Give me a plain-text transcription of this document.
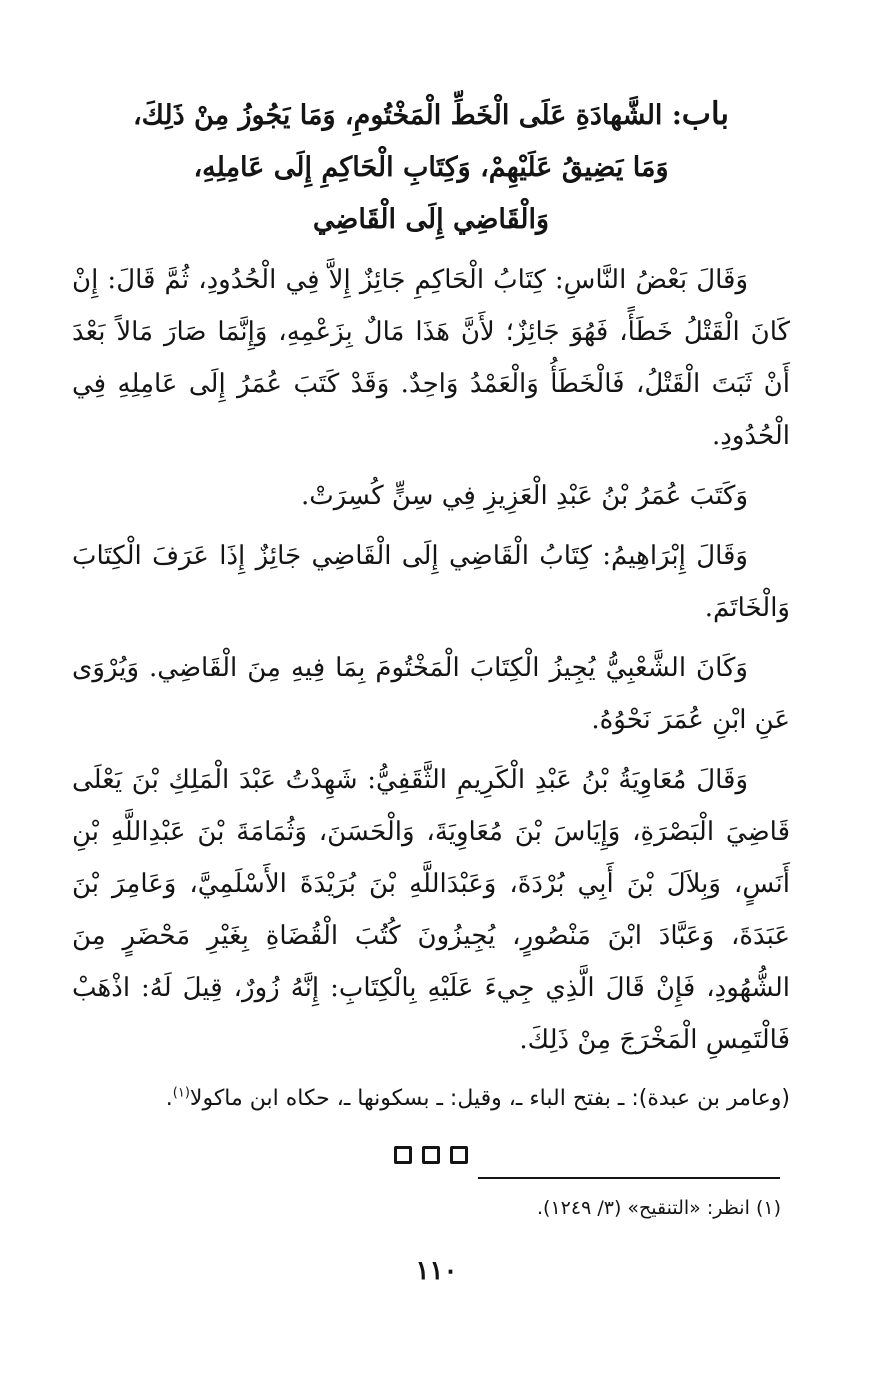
باب: الشَّهادَةِ عَلَى الْخَطِّ الْمَخْتُومِ، وَمَا يَجُوزُ مِنْ ذَلِكَ،
وَمَا يَضِيقُ عَلَيْهِمْ، وَكِتَابِ الْحَاكِمِ إِلَى عَامِلِهِ،
وَالْقَاضِي إِلَى الْقَاضِي

وَقَالَ بَعْضُ النَّاسِ: كِتَابُ الْحَاكِمِ جَائِزٌ إِلاَّ فِي الْحُدُودِ، ثُمَّ قَالَ: إِنْ كَانَ الْقَتْلُ خَطَأً، فَهُوَ جَائِزٌ؛ لأَنَّ هَذَا مَالٌ بِزَعْمِهِ، وَإِنَّمَا صَارَ مَالاً بَعْدَ أَنْ ثَبَتَ الْقَتْلُ، فَالْخَطَأُ وَالْعَمْدُ وَاحِدٌ. وَقَدْ كَتَبَ عُمَرُ إِلَى عَامِلِهِ فِي الْحُدُودِ.

وَكَتَبَ عُمَرُ بْنُ عَبْدِ الْعَزِيزِ فِي سِنٍّ كُسِرَتْ.

وَقَالَ إِبْرَاهِيمُ: كِتَابُ الْقَاضِي إِلَى الْقَاضِي جَائِزٌ إِذَا عَرَفَ الْكِتَابَ وَالْخَاتَمَ.

وَكَانَ الشَّعْبِيُّ يُجِيزُ الْكِتَابَ الْمَخْتُومَ بِمَا فِيهِ مِنَ الْقَاضِي. وَيُرْوَى عَنِ ابْنِ عُمَرَ نَحْوُهُ.

وَقَالَ مُعَاوِيَةُ بْنُ عَبْدِ الْكَرِيمِ الثَّقَفِيُّ: شَهِدْتُ عَبْدَ الْمَلِكِ بْنَ يَعْلَى قَاضِيَ الْبَصْرَةِ، وَإِيَاسَ بْنَ مُعَاوِيَةَ، وَالْحَسَنَ، وَثُمَامَةَ بْنَ عَبْدِاللَّهِ بْنِ أَنَسٍ، وَبِلاَلَ بْنَ أَبِي بُرْدَةَ، وَعَبْدَاللَّهِ بْنَ بُرَيْدَةَ الأَسْلَمِيَّ، وَعَامِرَ بْنَ عَبَدَةَ، وَعَبَّادَ ابْنَ مَنْصُورٍ، يُجِيزُونَ كُتُبَ الْقُضَاةِ بِغَيْرِ مَحْضَرٍ مِنَ الشُّهُودِ، فَإِنْ قَالَ الَّذِي جِيءَ عَلَيْهِ بِالْكِتَابِ: إِنَّهُ زُورٌ، قِيلَ لَهُ: اذْهَبْ فَالْتَمِسِ الْمَخْرَجَ مِنْ ذَلِكَ.

(وعامر بن عبدة): ـ بفتح الباء ـ، وقيل: ـ بسكونها ـ، حكاه ابن ماكولا$^{(١)}$.

(١) انظر: «التنقيح» (٣/ ١٢٤٩).
١١٠
